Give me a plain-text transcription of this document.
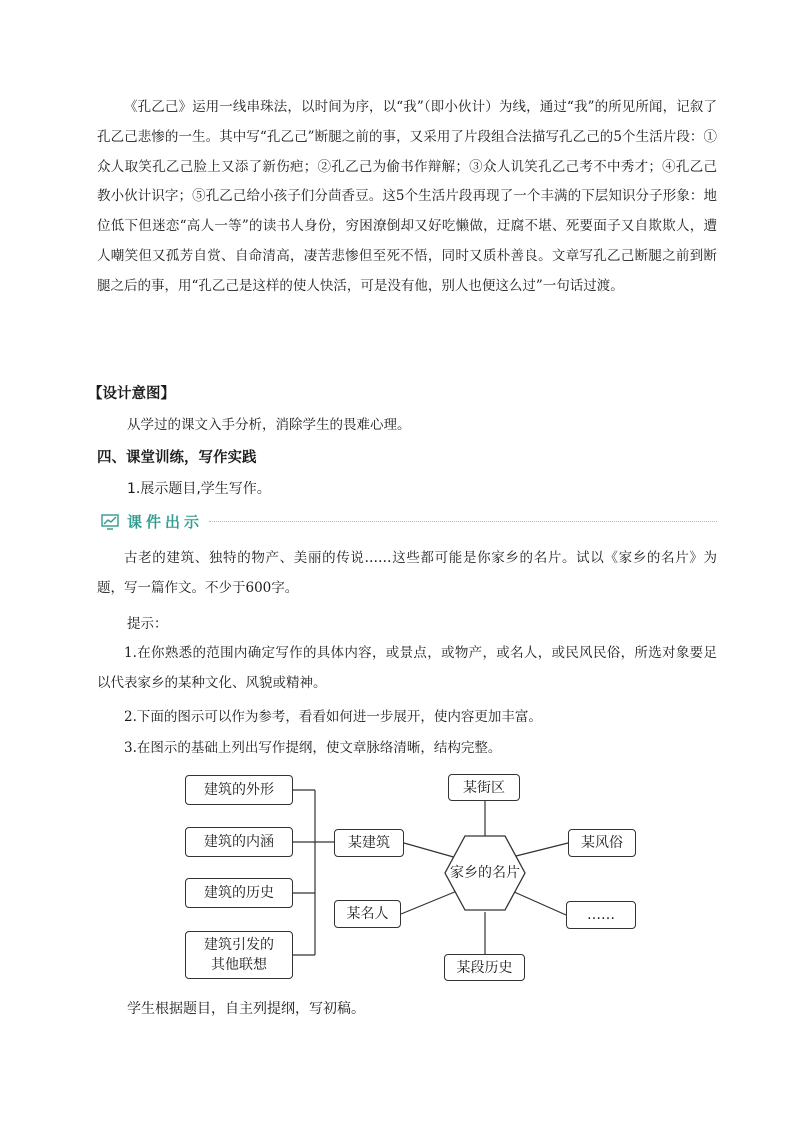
《孔乙己》运用一线串珠法，以时间为序，以“我”（即小伙计）为线，通过“我”的所见所闻，记叙了孔乙己悲惨的一生。其中写“孔乙己”断腿之前的事，又采用了片段组合法描写孔乙己的5个生活片段：①众人取笑孔乙己脸上又添了新伤疤；②孔乙己为偷书作辩解；③众人讥笑孔乙己考不中秀才；④孔乙己教小伙计识字；⑤孔乙己给小孩子们分茴香豆。这5个生活片段再现了一个丰满的下层知识分子形象：地位低下但迷恋“高人一等”的读书人身份，穷困潦倒却又好吃懒做，迂腐不堪、死要面子又自欺欺人，遭人嘲笑但又孤芳自赏、自命清高，凄苦悲惨但至死不悟，同时又质朴善良。文章写孔乙己断腿之前到断腿之后的事，用“孔乙己是这样的使人快活，可是没有他，别人也便这么过”一句话过渡。

【设计意图】
从学过的课文入手分析，消除学生的畏难心理。
四、课堂训练，写作实践
1.展示题目,学生写作。
课件出示

古老的建筑、独特的物产、美丽的传说……这些都可能是你家乡的名片。试以《家乡的名片》为题，写一篇作文。不少于600字。

提示：

1.在你熟悉的范围内确定写作的具体内容，或景点，或物产，或名人，或民风民俗，所选对象要足以代表家乡的某种文化、风貌或精神。

2.下面的图示可以作为参考，看看如何进一步展开，使内容更加丰富。

3.在图示的基础上列出写作提纲，使文章脉络清晰，结构完整。

建筑的外形
建筑的内涵
建筑的历史
建筑引发的其他联想
某建筑
某街区
某风俗
某名人	……
某段历史
家乡的名片
学生根据题目，自主列提纲，写初稿。
